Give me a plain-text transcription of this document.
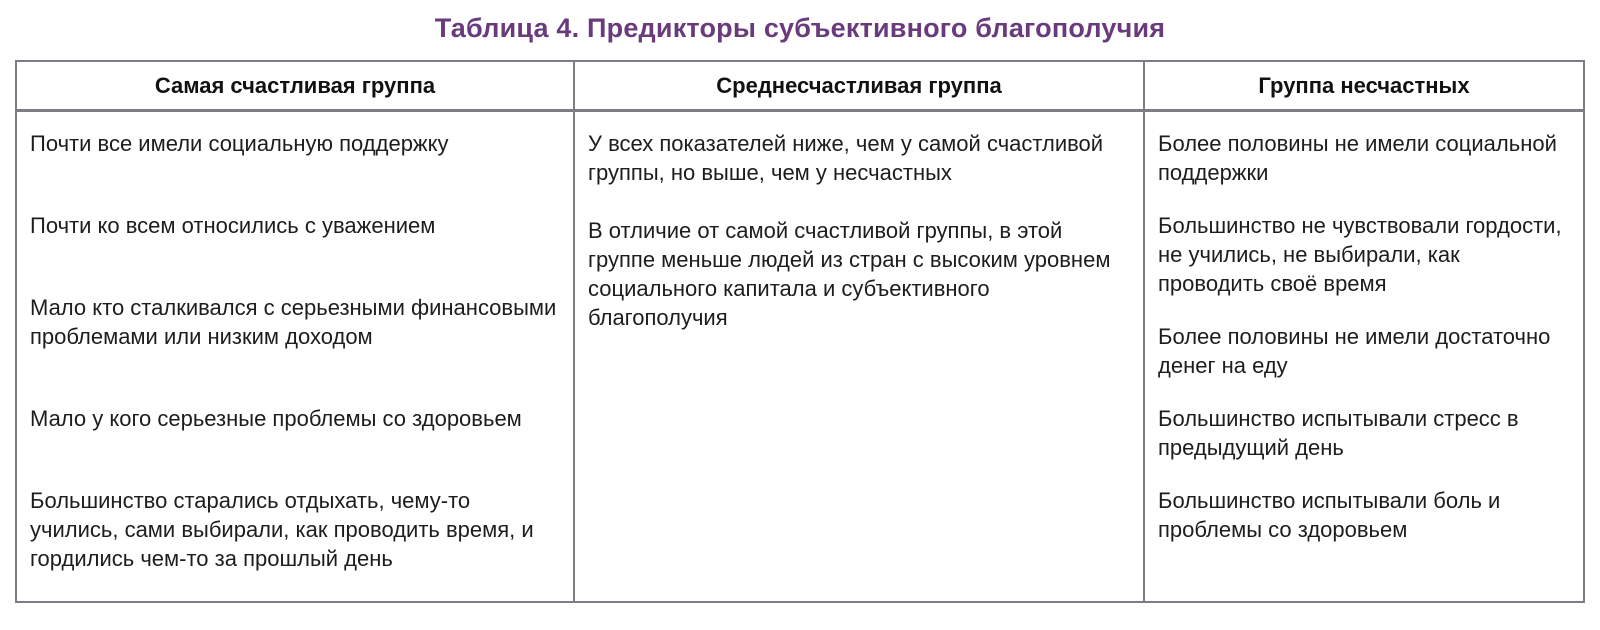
Таблица 4. Предикторы субъективного благополучия
Самая счастливая группа	Среднесчастливая группа	Группа несчастных

Почти все имели социальную поддержку

Почти ко всем относились с уважением

Мало кто сталкивался с серьезными финансовыми проблемами или низким доходом

Мало у кого серьезные проблемы со здоровьем

Большинство старались отдыхать, чему-то учились, сами выбирали, как проводить время, и гордились чем-то за прошлый день

У всех показателей ниже, чем у самой счастливой группы, но выше, чем у несчастных

В отличие от самой счастливой группы, в этой группе меньше людей из стран с высоким уровнем социального капитала и субъективного благополучия

Более половины не имели социальной поддержки

Большинство не чувствовали гордости, не учились, не выбирали, как проводить своё время

Более половины не имели достаточно денег на еду

Большинство испытывали стресс в предыдущий день

Большинство испытывали боль и проблемы со здоровьем
